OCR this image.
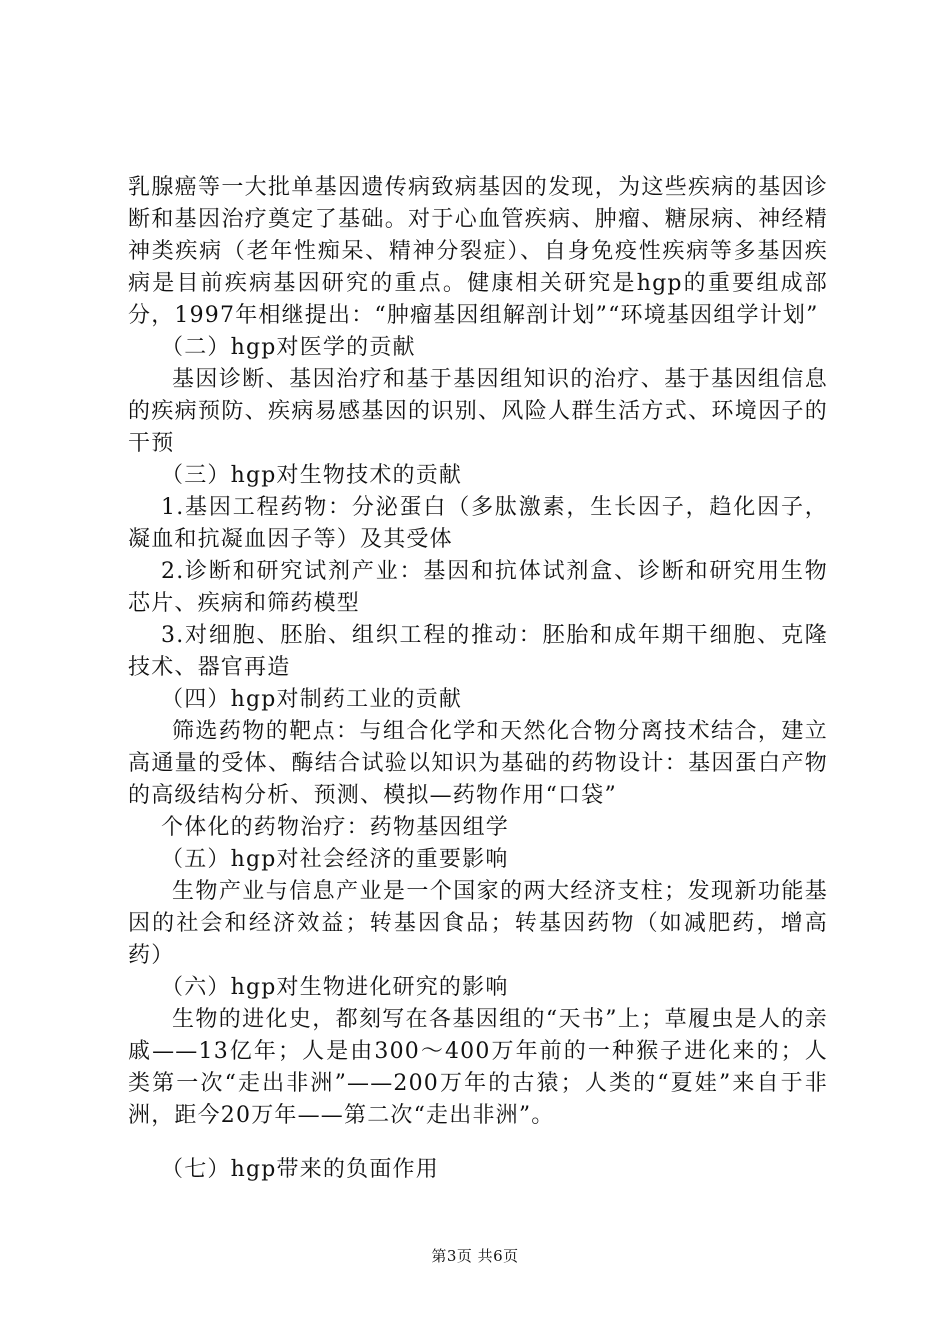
乳腺癌等一大批单基因遗传病致病基因的发现，为这些疾病的基因诊断和基因治疗奠定了基础。对于心血管疾病、肿瘤、糖尿病、神经精神类疾病（老年性痴呆、精神分裂症）、自身免疫性疾病等多基因疾病是目前疾病基因研究的重点。健康相关研究是hgp的重要组成部分，1997年相继提出：“肿瘤基因组解剖计划”“环境基因组学计划”

（二）hgp对医学的贡献

基因诊断、基因治疗和基于基因组知识的治疗、基于基因组信息的疾病预防、疾病易感基因的识别、风险人群生活方式、环境因子的干预

（三）hgp对生物技术的贡献

1.基因工程药物：分泌蛋白（多肽激素，生长因子，趋化因子，凝血和抗凝血因子等）及其受体

2.诊断和研究试剂产业：基因和抗体试剂盒、诊断和研究用生物芯片、疾病和筛药模型

3.对细胞、胚胎、组织工程的推动：胚胎和成年期干细胞、克隆技术、器官再造

（四）hgp对制药工业的贡献

筛选药物的靶点：与组合化学和天然化合物分离技术结合，建立高通量的受体、酶结合试验以知识为基础的药物设计：基因蛋白产物的高级结构分析、预测、模拟—药物作用“口袋”

个体化的药物治疗：药物基因组学

（五）hgp对社会经济的重要影响

生物产业与信息产业是一个国家的两大经济支柱；发现新功能基因的社会和经济效益；转基因食品；转基因药物（如减肥药，增高药）

（六）hgp对生物进化研究的影响

生物的进化史，都刻写在各基因组的“天书”上；草履虫是人的亲戚——13亿年；人是由300～400万年前的一种猴子进化来的；人类第一次“走出非洲”——200万年的古猿；人类的“夏娃”来自于非洲，距今20万年——第二次“走出非洲”。

（七）hgp带来的负面作用

第3页 共6页
